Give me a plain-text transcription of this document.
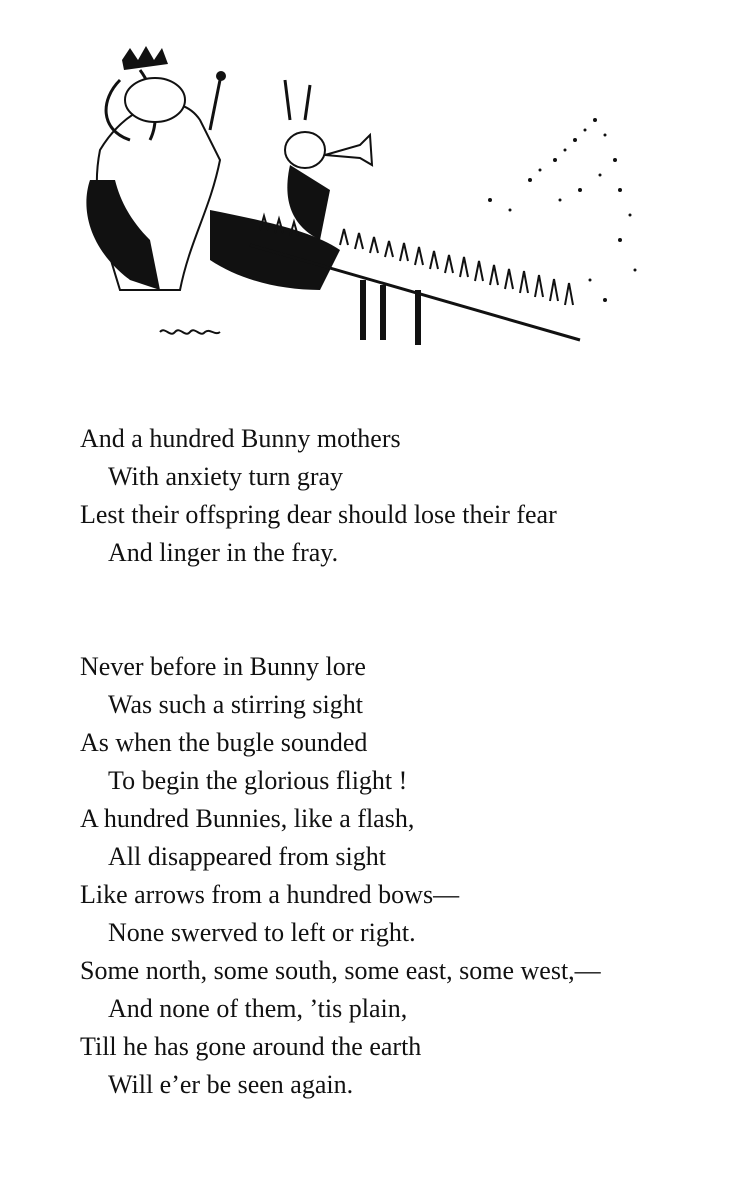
And a hundred Bunny mothers
With anxiety turn gray
Lest their offspring dear should lose their fear
And linger in the fray.
Never before in Bunny lore
Was such a stirring sight
As when the bugle sounded
To begin the glorious flight !
A hundred Bunnies, like a flash,
All disappeared from sight
Like arrows from a hundred bows—
None swerved to left or right.
Some north, some south, some east, some west,—
And none of them, ’tis plain,
Till he has gone around the earth
Will e’er be seen again.
